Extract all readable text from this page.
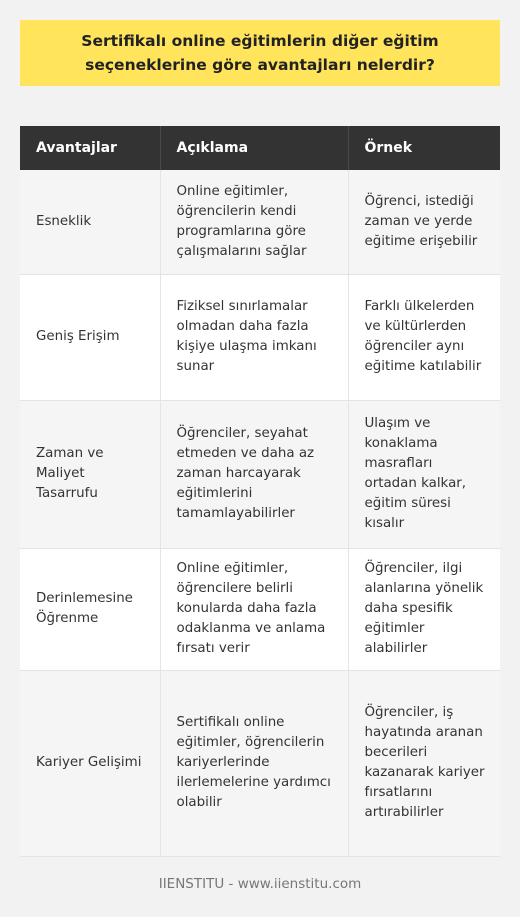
Sertifikalı online eğitimlerin diğer eğitim seçeneklerine göre avantajları nelerdir?
Avantajlar	Açıklama	Örnek
Esneklik	Online eğitimler, öğrencilerin kendi programlarına göre çalışmalarını sağlar	Öğrenci, istediği zaman ve yerde eğitime erişebilir
Geniş Erişim	Fiziksel sınırlamalar olmadan daha fazla kişiye ulaşma imkanı sunar	Farklı ülkelerden ve kültürlerden öğrenciler aynı eğitime katılabilir
Zaman ve Maliyet Tasarrufu	Öğrenciler, seyahat etmeden ve daha az zaman harcayarak eğitimlerini tamamlayabilirler	Ulaşım ve konaklama masrafları ortadan kalkar, eğitim süresi kısalır
Derinlemesine Öğrenme	Online eğitimler, öğrencilere belirli konularda daha fazla odaklanma ve anlama fırsatı verir	Öğrenciler, ilgi alanlarına yönelik daha spesifik eğitimler alabilirler
Kariyer Gelişimi	Sertifikalı online eğitimler, öğrencilerin kariyerlerinde ilerlemelerine yardımcı olabilir	Öğrenciler, iş hayatında aranan becerileri kazanarak kariyer fırsatlarını artırabilirler
IIENSTITU - www.iienstitu.com
